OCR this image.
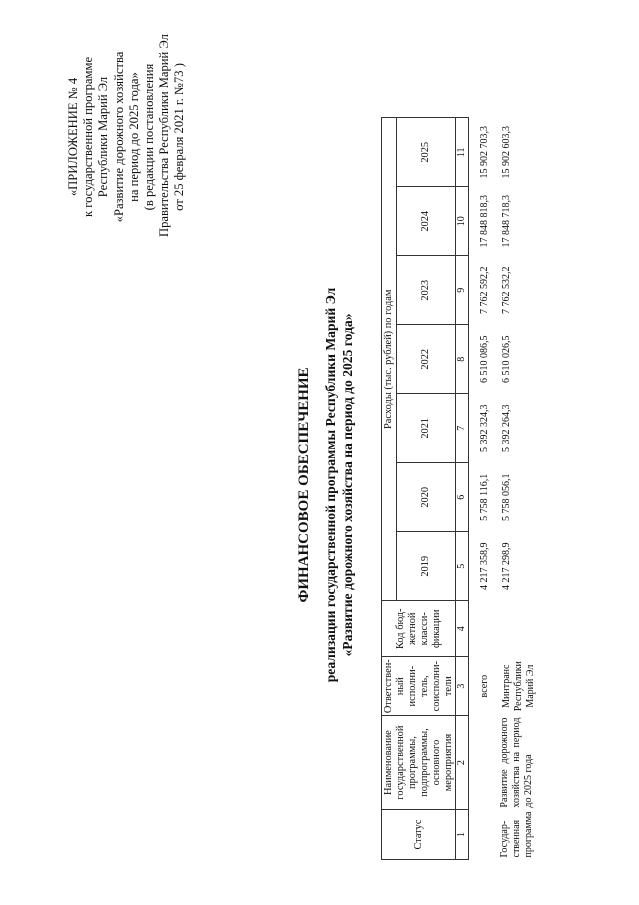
«ПРИЛОЖЕНИЕ № 4 к государственной программе Республики Марий Эл «Развитие дорожного хозяйства на период до 2025 года» (в редакции постановления Правительства Республики Марий Эл от 25 февраля 2021 г. №73 )
ФИНАНСОВОЕ ОБЕСПЕЧЕНИЕ реализации государственной программы Республики Марий Эл «Развитие дорожного хозяйства на период до 2025 года»
Статус	Наименование государственной программы, подпрограммы, основного мероприятия	Ответствен-ный исполни-тель, соисполни-тели	Код бюд-жетной класси-фикации	Расходы (тыс. рублей) по годам						
				2019	2020	2021	2022	2023	2024	2025
1	2	3	4	5	6	7	8	9	10	11
Государ-ственная программа	Развитие дорожного хозяйства на период до 2025 года	всего		4 217 358,9	5 758 116,1	5 392 324,3	6 510 086,5	7 762 592,2	17 848 818,3	15 902 703,3
		Минтранс Республики Марий Эл		4 217 298,9	5 758 056,1	5 392 264,3	6 510 026,5	7 762 532,2	17 848 718,3	15 902 603,3
